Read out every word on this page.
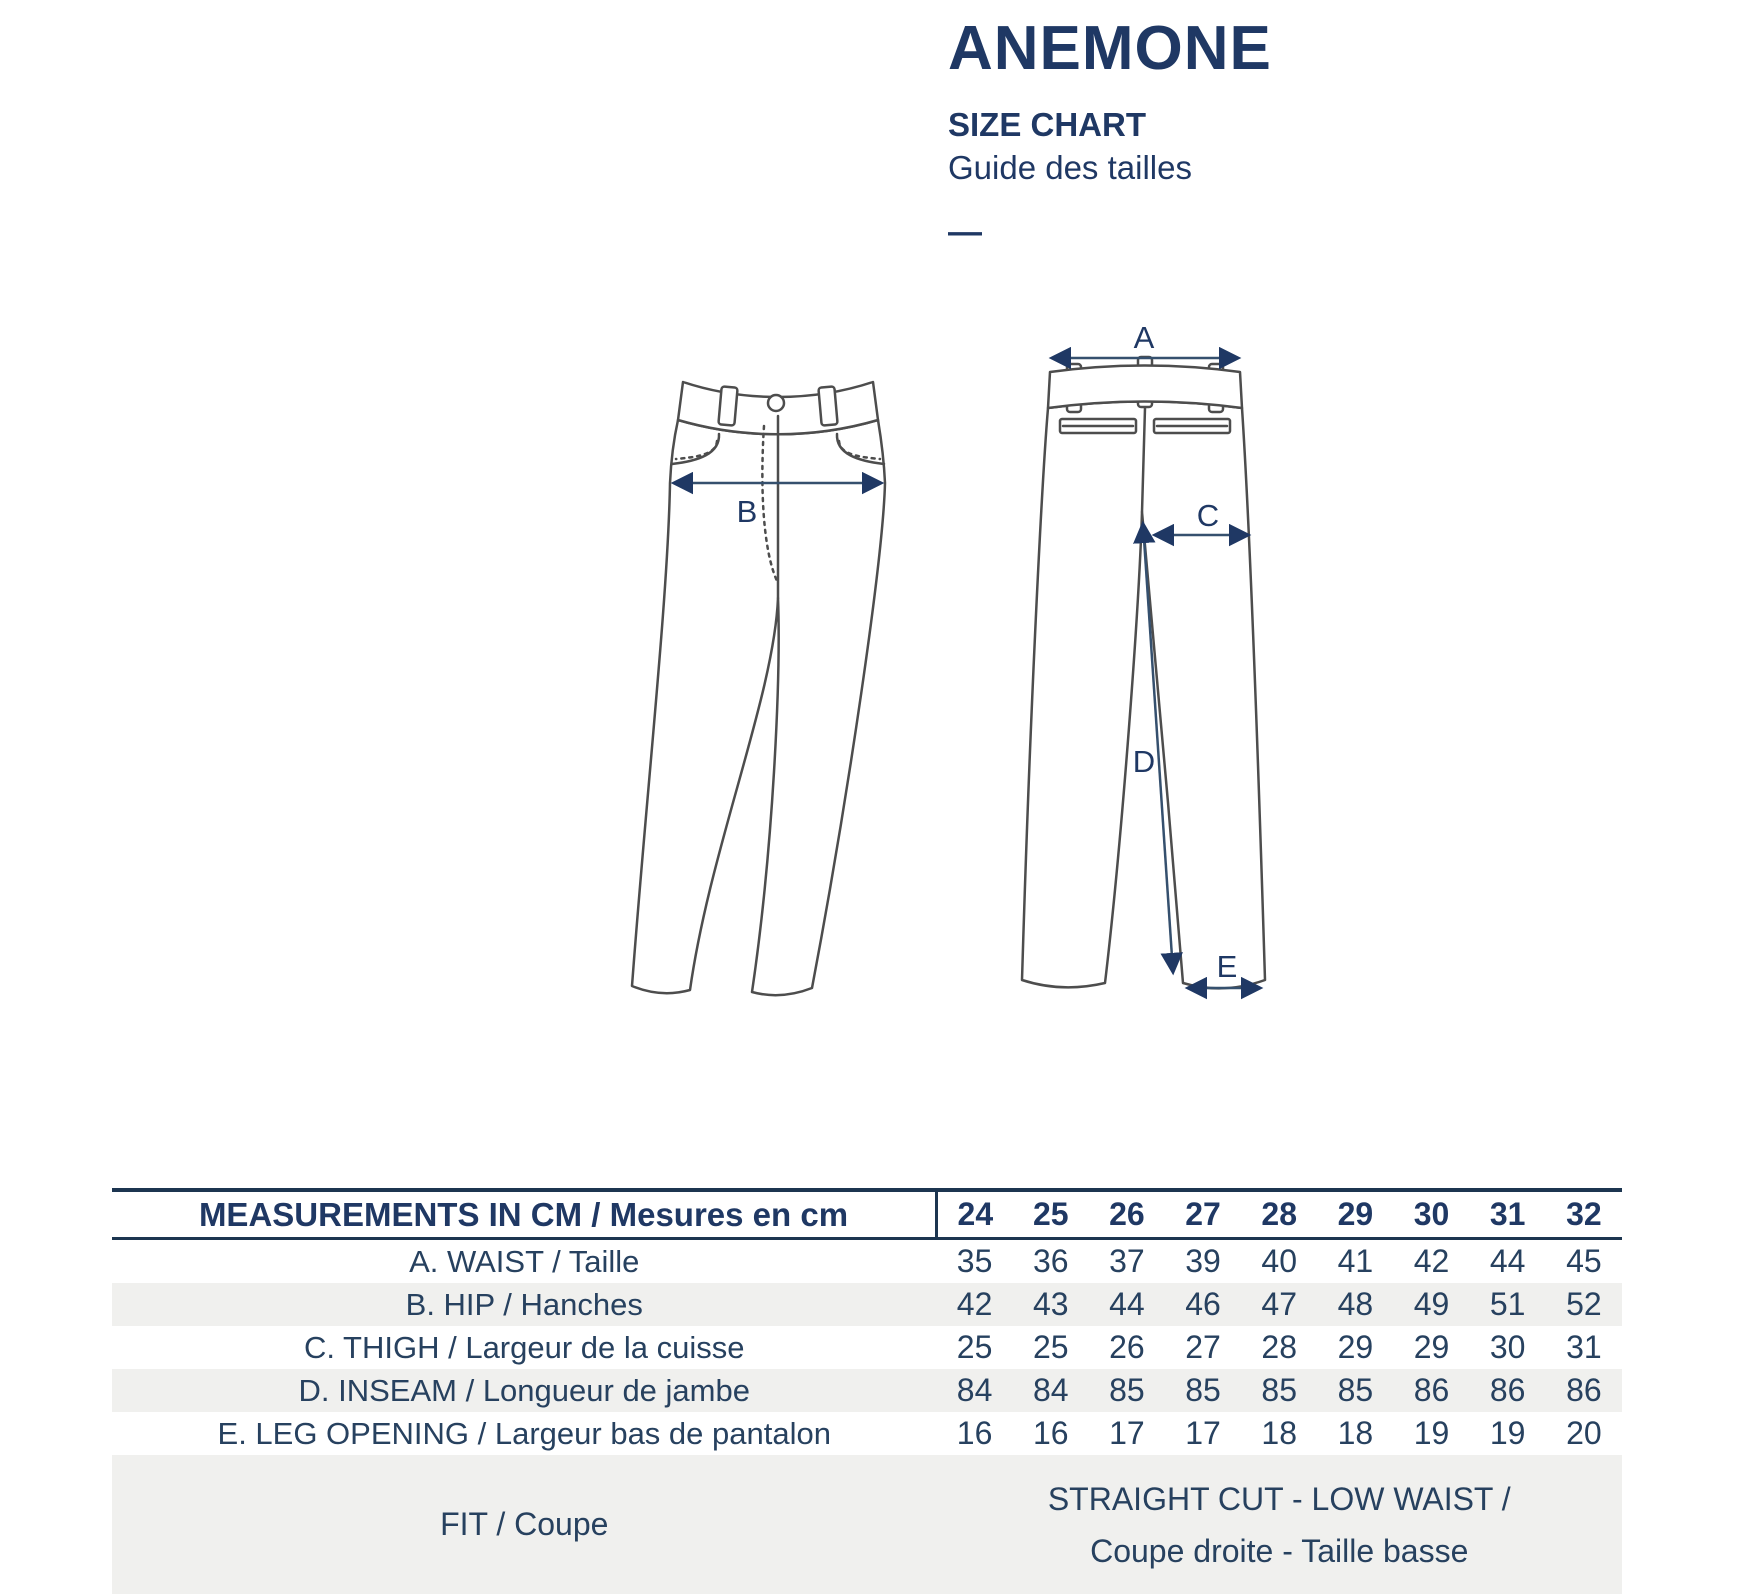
ANEMONE
SIZE CHART
Guide des tailles
—
B
A
C
D
E
MEASUREMENTS IN CM / Mesures en cm	24	25	26	27	28	29	30	31	32
A. WAIST / Taille	35	36	37	39	40	41	42	44	45
B. HIP / Hanches	42	43	44	46	47	48	49	51	52
C. THIGH / Largeur de la cuisse	25	25	26	27	28	29	29	30	31
D. INSEAM / Longueur de jambe	84	84	85	85	85	85	86	86	86
E. LEG OPENING / Largeur bas de pantalon	16	16	17	17	18	18	19	19	20
FIT / Coupe	STRAIGHT CUT - LOW WAIST /
Coupe droite - Taille basse								
